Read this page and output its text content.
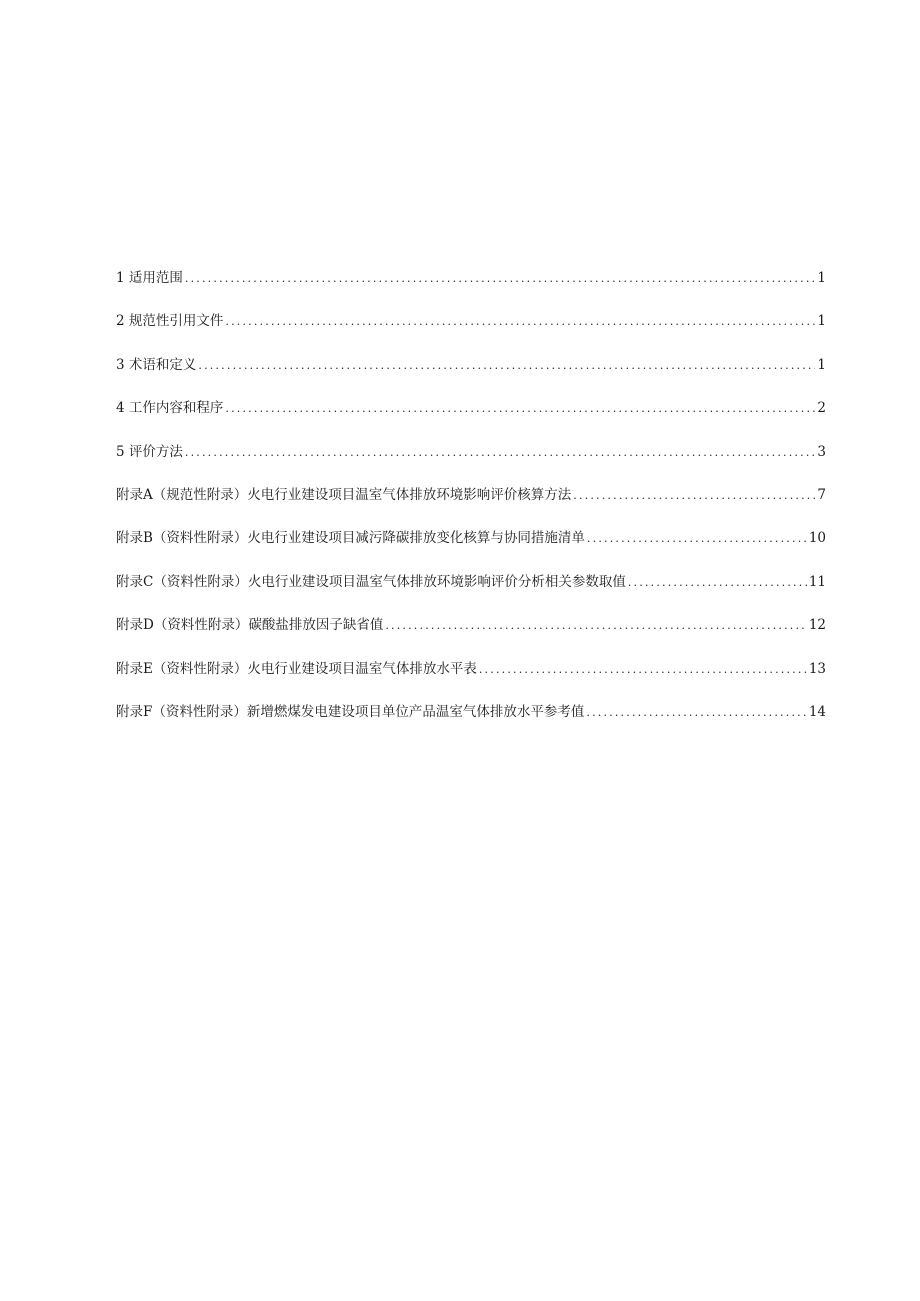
1 适用范围 .....	1
2 规范性引用文件 .....	1
3 术语和定义 .....	1
4 工作内容和程序 .....	2
5 评价方法 .....	3
附录A（规范性附录）火电行业建设项目温室气体排放环境影响评价核算方法 .....	7
附录B（资料性附录）火电行业建设项目减污降碳排放变化核算与协同措施清单 .....	10
附录C（资料性附录）火电行业建设项目温室气体排放环境影响评价分析相关参数取值 .....	11
附录D（资料性附录）碳酸盐排放因子缺省值 .....	12
附录E（资料性附录）火电行业建设项目温室气体排放水平表 .....	13
附录F（资料性附录）新增燃煤发电建设项目单位产品温室气体排放水平参考值 .....	14
